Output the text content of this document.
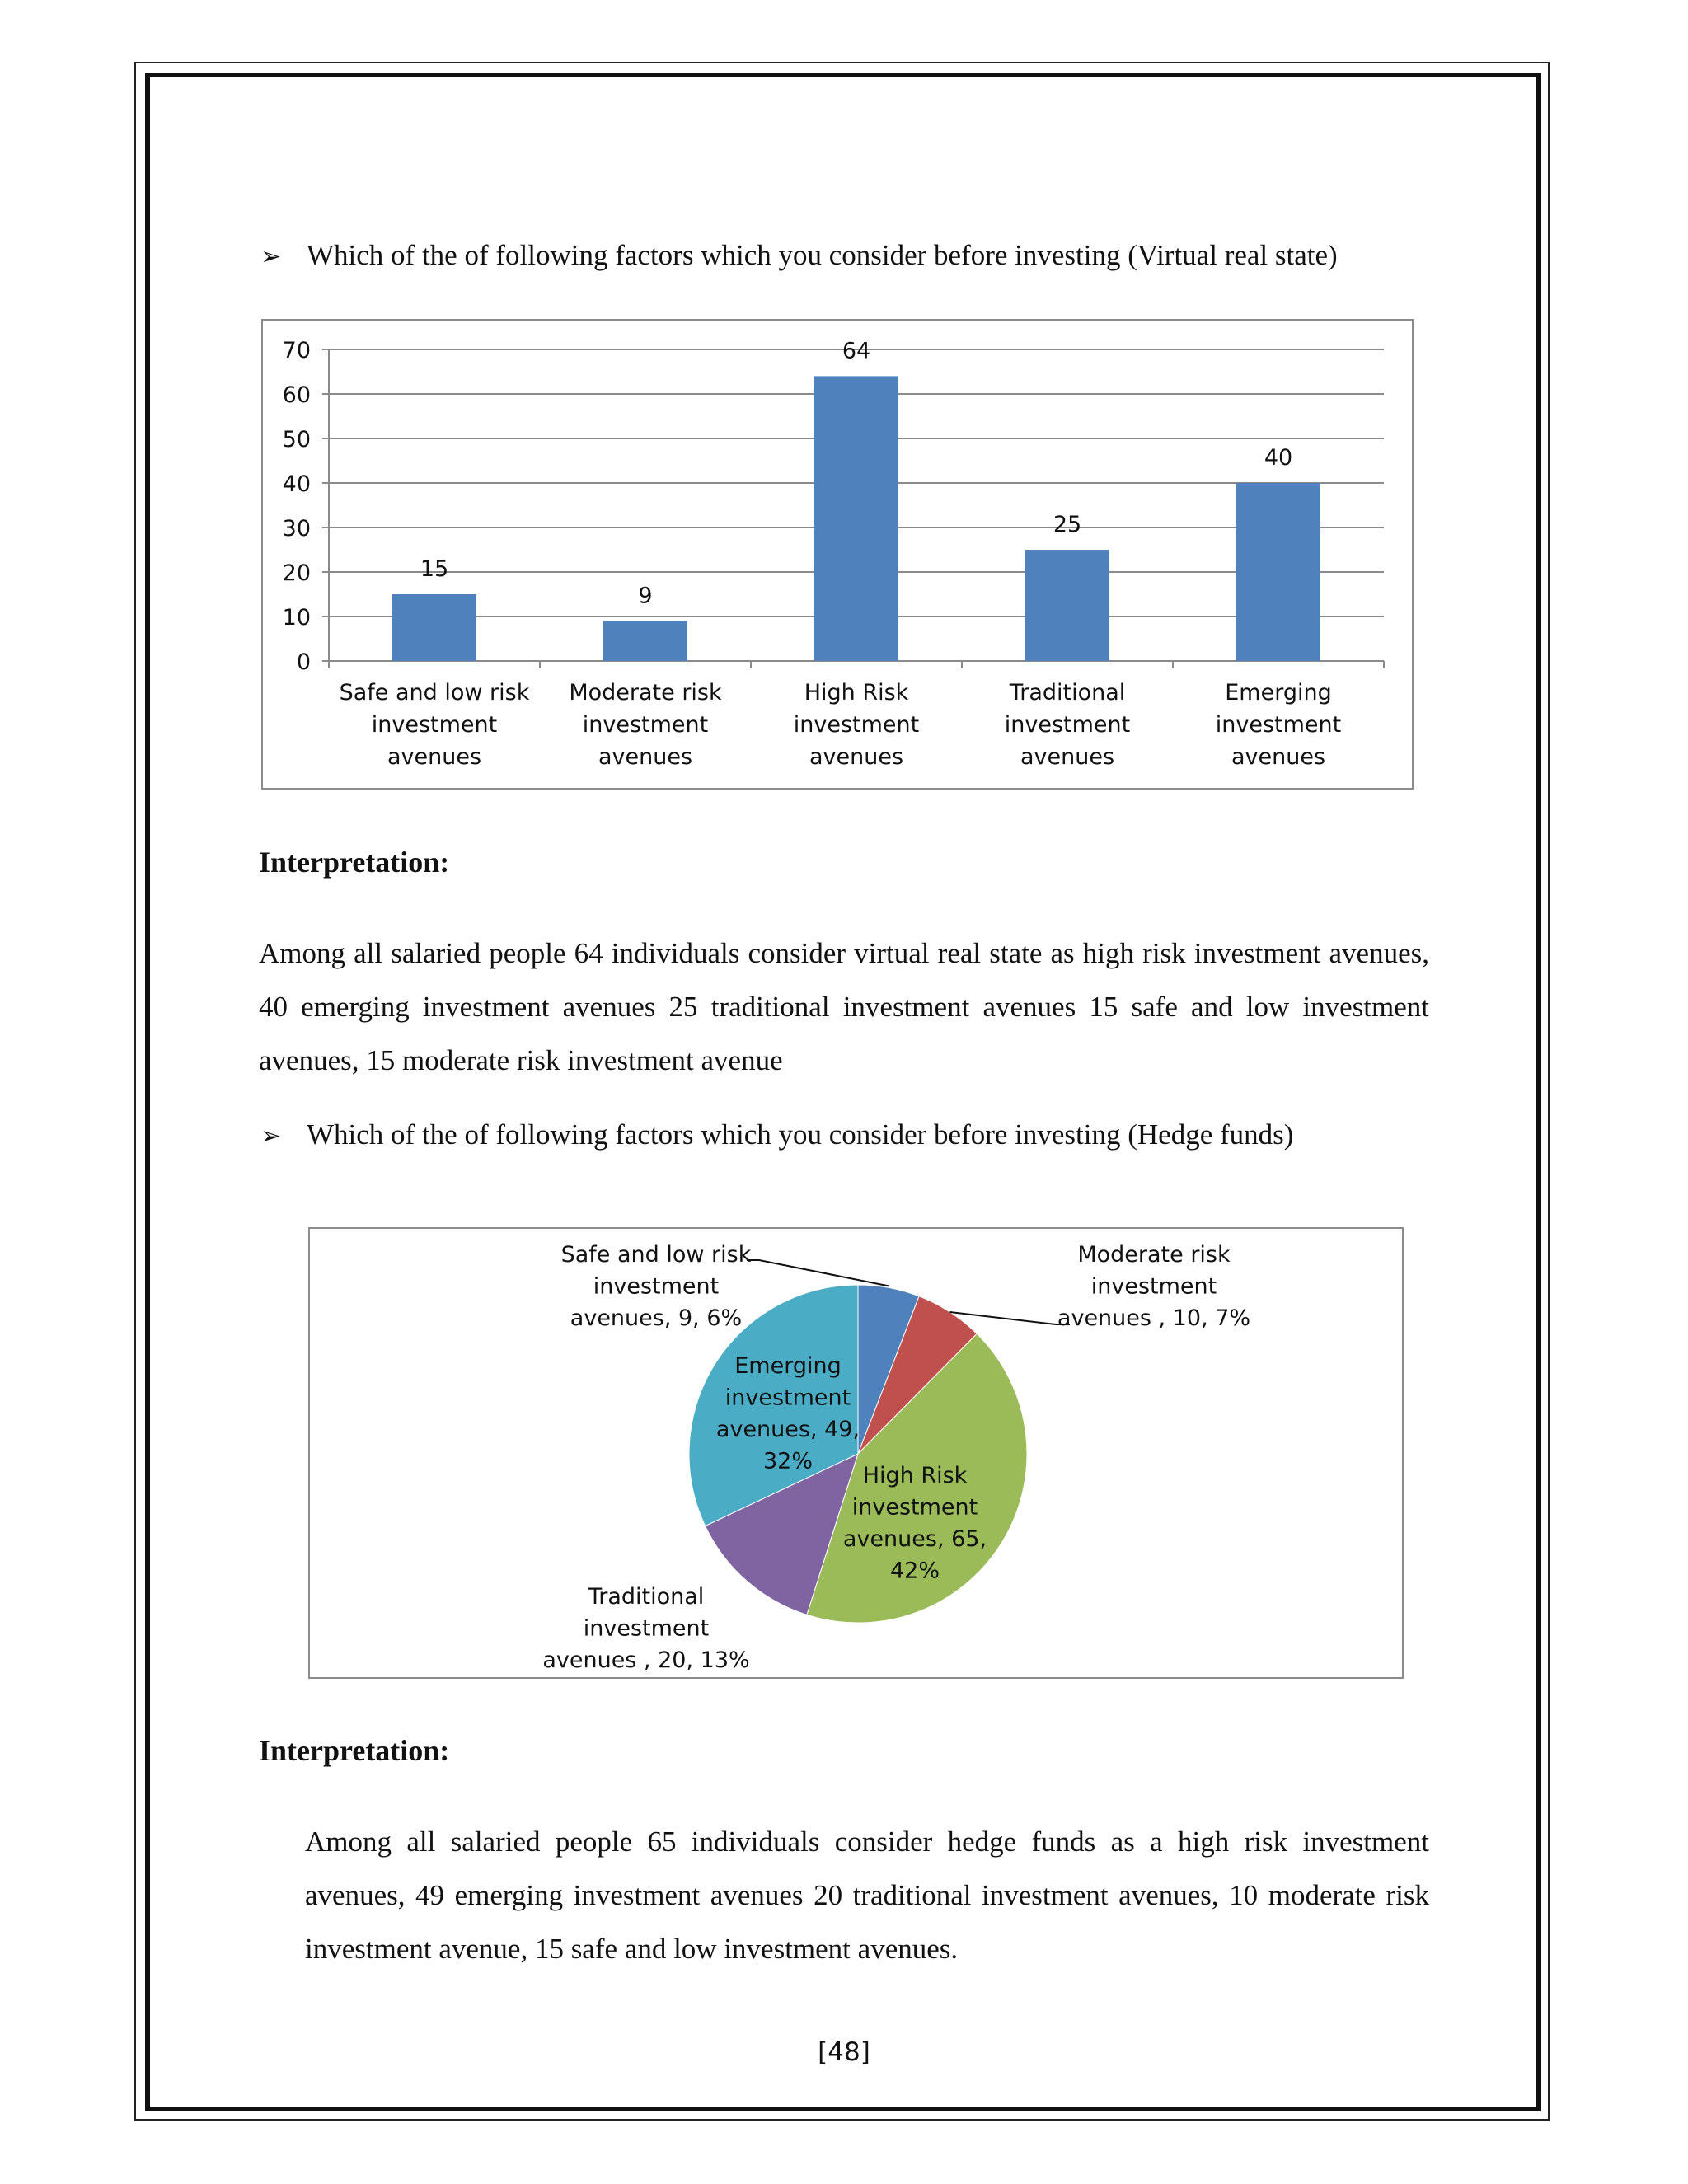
➢ Which of the of following factors which you consider before investing (Virtual real state)
0
10
20
30
40
50
60
70
15
Safe and low risk investment avenues
9
Moderate risk investment avenues
64
High Risk investment avenues
25
Traditional investment avenues
40
Emerging investment avenues
Interpretation:
Among all salaried people 64 individuals consider virtual real state as high risk investment avenues, 40 emerging investment avenues 25 traditional investment avenues 15 safe and low investment avenues, 15 moderate risk investment avenue
➢ Which of the of following factors which you consider before investing (Hedge funds)
Safe and low risk investment avenues, 9, 6%
Moderate risk investment avenues , 10, 7%
High Risk investment avenues, 65, 42%
Traditional investment avenues , 20, 13%
Emerging investment avenues, 49, 32%
Interpretation:
Among all salaried people 65 individuals consider hedge funds as a high risk investment avenues, 49 emerging investment avenues 20 traditional investment avenues, 10 moderate risk investment avenue, 15 safe and low investment avenues.
[48]
